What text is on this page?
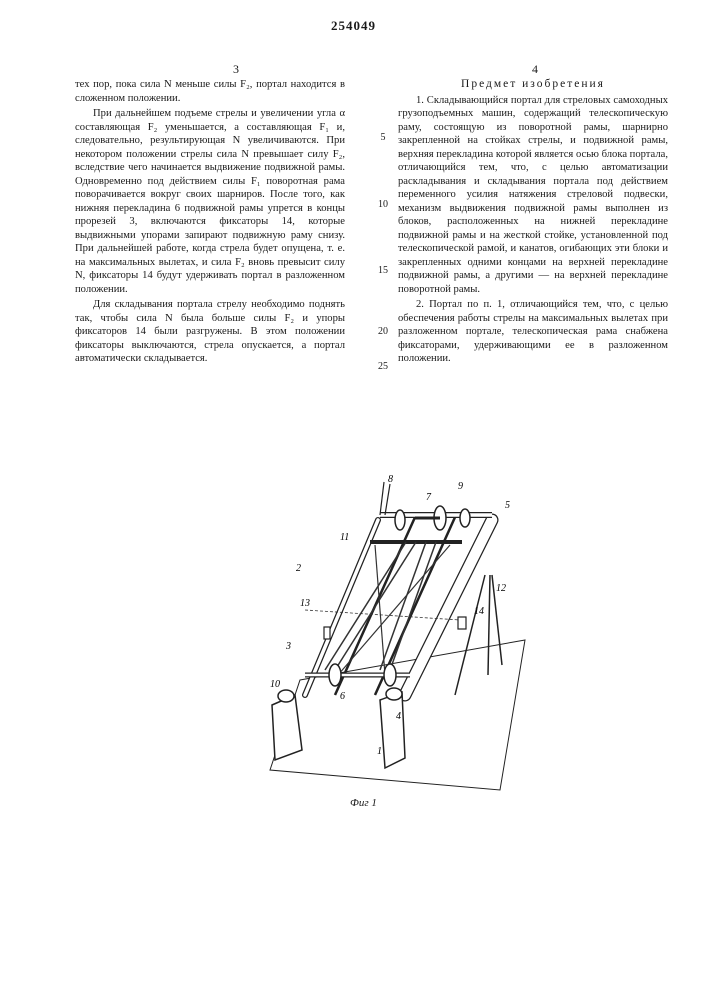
254049
3	4

тех пор, пока сила N меньше силы F₂, портал находится в сложенном положении.

При дальнейшем подъеме стрелы и увеличении угла α составляющая F₂ уменьшается, а составляющая F₁ и, следовательно, результирующая N увеличиваются. При некотором положении стрелы сила N превышает силу F₂, вследствие чего начинается выдвижение подвижной рамы. Одновременно под действием силы F₁ поворотная рама поворачивается вокруг своих шарниров. После того, как нижняя перекладина 6 подвижной рамы упрется в концы прорезей 3, включаются фиксаторы 14, которые выдвижными упорами запирают подвижную раму снизу. При дальнейшей работе, когда стрела будет опущена, т. е. на максимальных вылетах, и сила F₂ вновь превысит силу N, фиксаторы 14 будут удерживать портал в разложенном положении.

Для складывания портала стрелу необходимо поднять так, чтобы сила N была больше силы F₂ и упоры фиксаторов 14 были разгружены. В этом положении фиксаторы выключаются, стрела опускается, а портал автоматически складывается.

Предмет изобретения

1. Складывающийся портал для стреловых самоходных грузоподъемных машин, содержащий телескопическую раму, состоящую из поворотной рамы, шарнирно закрепленной на стойках стрелы, и подвижной рамы, верхняя перекладина которой является осью блока портала, отличающийся тем, что, с целью автоматизации раскладывания и складывания портала под действием переменного усилия натяжения стреловой подвески, механизм выдвижения подвижной рамы выполнен из блоков, расположенных на нижней перекладине подвижной рамы и на жесткой стойке, установленной под телескопической рамой, и канатов, огибающих эти блоки и закрепленных одними концами на верхней перекладине подвижной рамы, а другими — на верхней перекладине поворотной рамы.

2. Портал по п. 1, отличающийся тем, что, с целью обеспечения работы стрелы на максимальных вылетах при разложенном портале, телескопическая рама снабжена фиксаторами, удерживающими ее в разложенном положении.

5
10
15
20
25
8
7
9
5
11
2
12
13
14
3
10
6
4
1
Фиг 1
